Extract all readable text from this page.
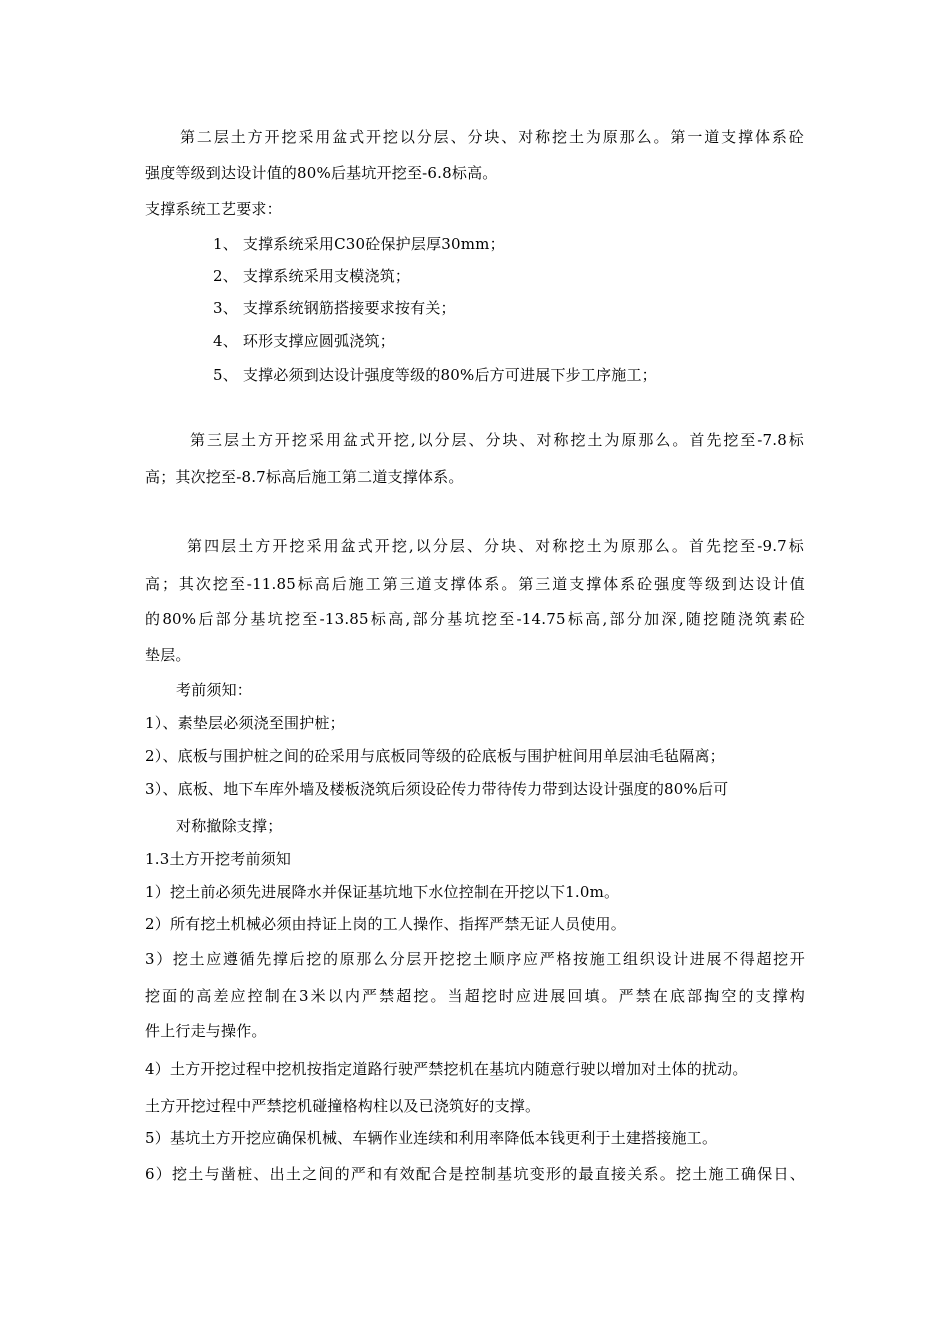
第二层土方开挖采用盆式开挖以分层、分块、对称挖土为原那么。第一道支撑体系砼
强度等级到达设计值的80%后基坑开挖至-6.8标高。
支撑系统工艺要求：
1、 支撑系统采用C30砼保护层厚30mm；
2、 支撑系统采用支模浇筑；
3、 支撑系统钢筋搭接要求按有关；
4、 环形支撑应圆弧浇筑；
5、 支撑必须到达设计强度等级的80%后方可进展下步工序施工；
第三层土方开挖采用盆式开挖,以分层、分块、对称挖土为原那么。首先挖至-7.8标
高；其次挖至-8.7标高后施工第二道支撑体系。
第四层土方开挖采用盆式开挖,以分层、分块、对称挖土为原那么。首先挖至-9.7标
高；其次挖至-11.85标高后施工第三道支撑体系。第三道支撑体系砼强度等级到达设计值
的80%后部分基坑挖至-13.85标高,部分基坑挖至-14.75标高,部分加深,随挖随浇筑素砼
垫层。
考前须知：
1）、素垫层必须浇至围护桩；
2）、底板与围护桩之间的砼采用与底板同等级的砼底板与围护桩间用单层油毛毡隔离；
3）、底板、地下车库外墙及楼板浇筑后须设砼传力带待传力带到达设计强度的80%后可
对称撤除支撑；
1.3土方开挖考前须知
1）挖土前必须先进展降水并保证基坑地下水位控制在开挖以下1.0m。
2）所有挖土机械必须由持证上岗的工人操作、指挥严禁无证人员使用。
3）挖土应遵循先撑后挖的原那么分层开挖挖土顺序应严格按施工组织设计进展不得超挖开
挖面的高差应控制在3米以内严禁超挖。当超挖时应进展回填。严禁在底部掏空的支撑构
件上行走与操作。
4）土方开挖过程中挖机按指定道路行驶严禁挖机在基坑内随意行驶以增加对土体的扰动。
土方开挖过程中严禁挖机碰撞格构柱以及已浇筑好的支撑。
5）基坑土方开挖应确保机械、车辆作业连续和利用率降低本钱更利于土建搭接施工。
6）挖土与凿桩、出土之间的严和有效配合是控制基坑变形的最直接关系。挖土施工确保日、
